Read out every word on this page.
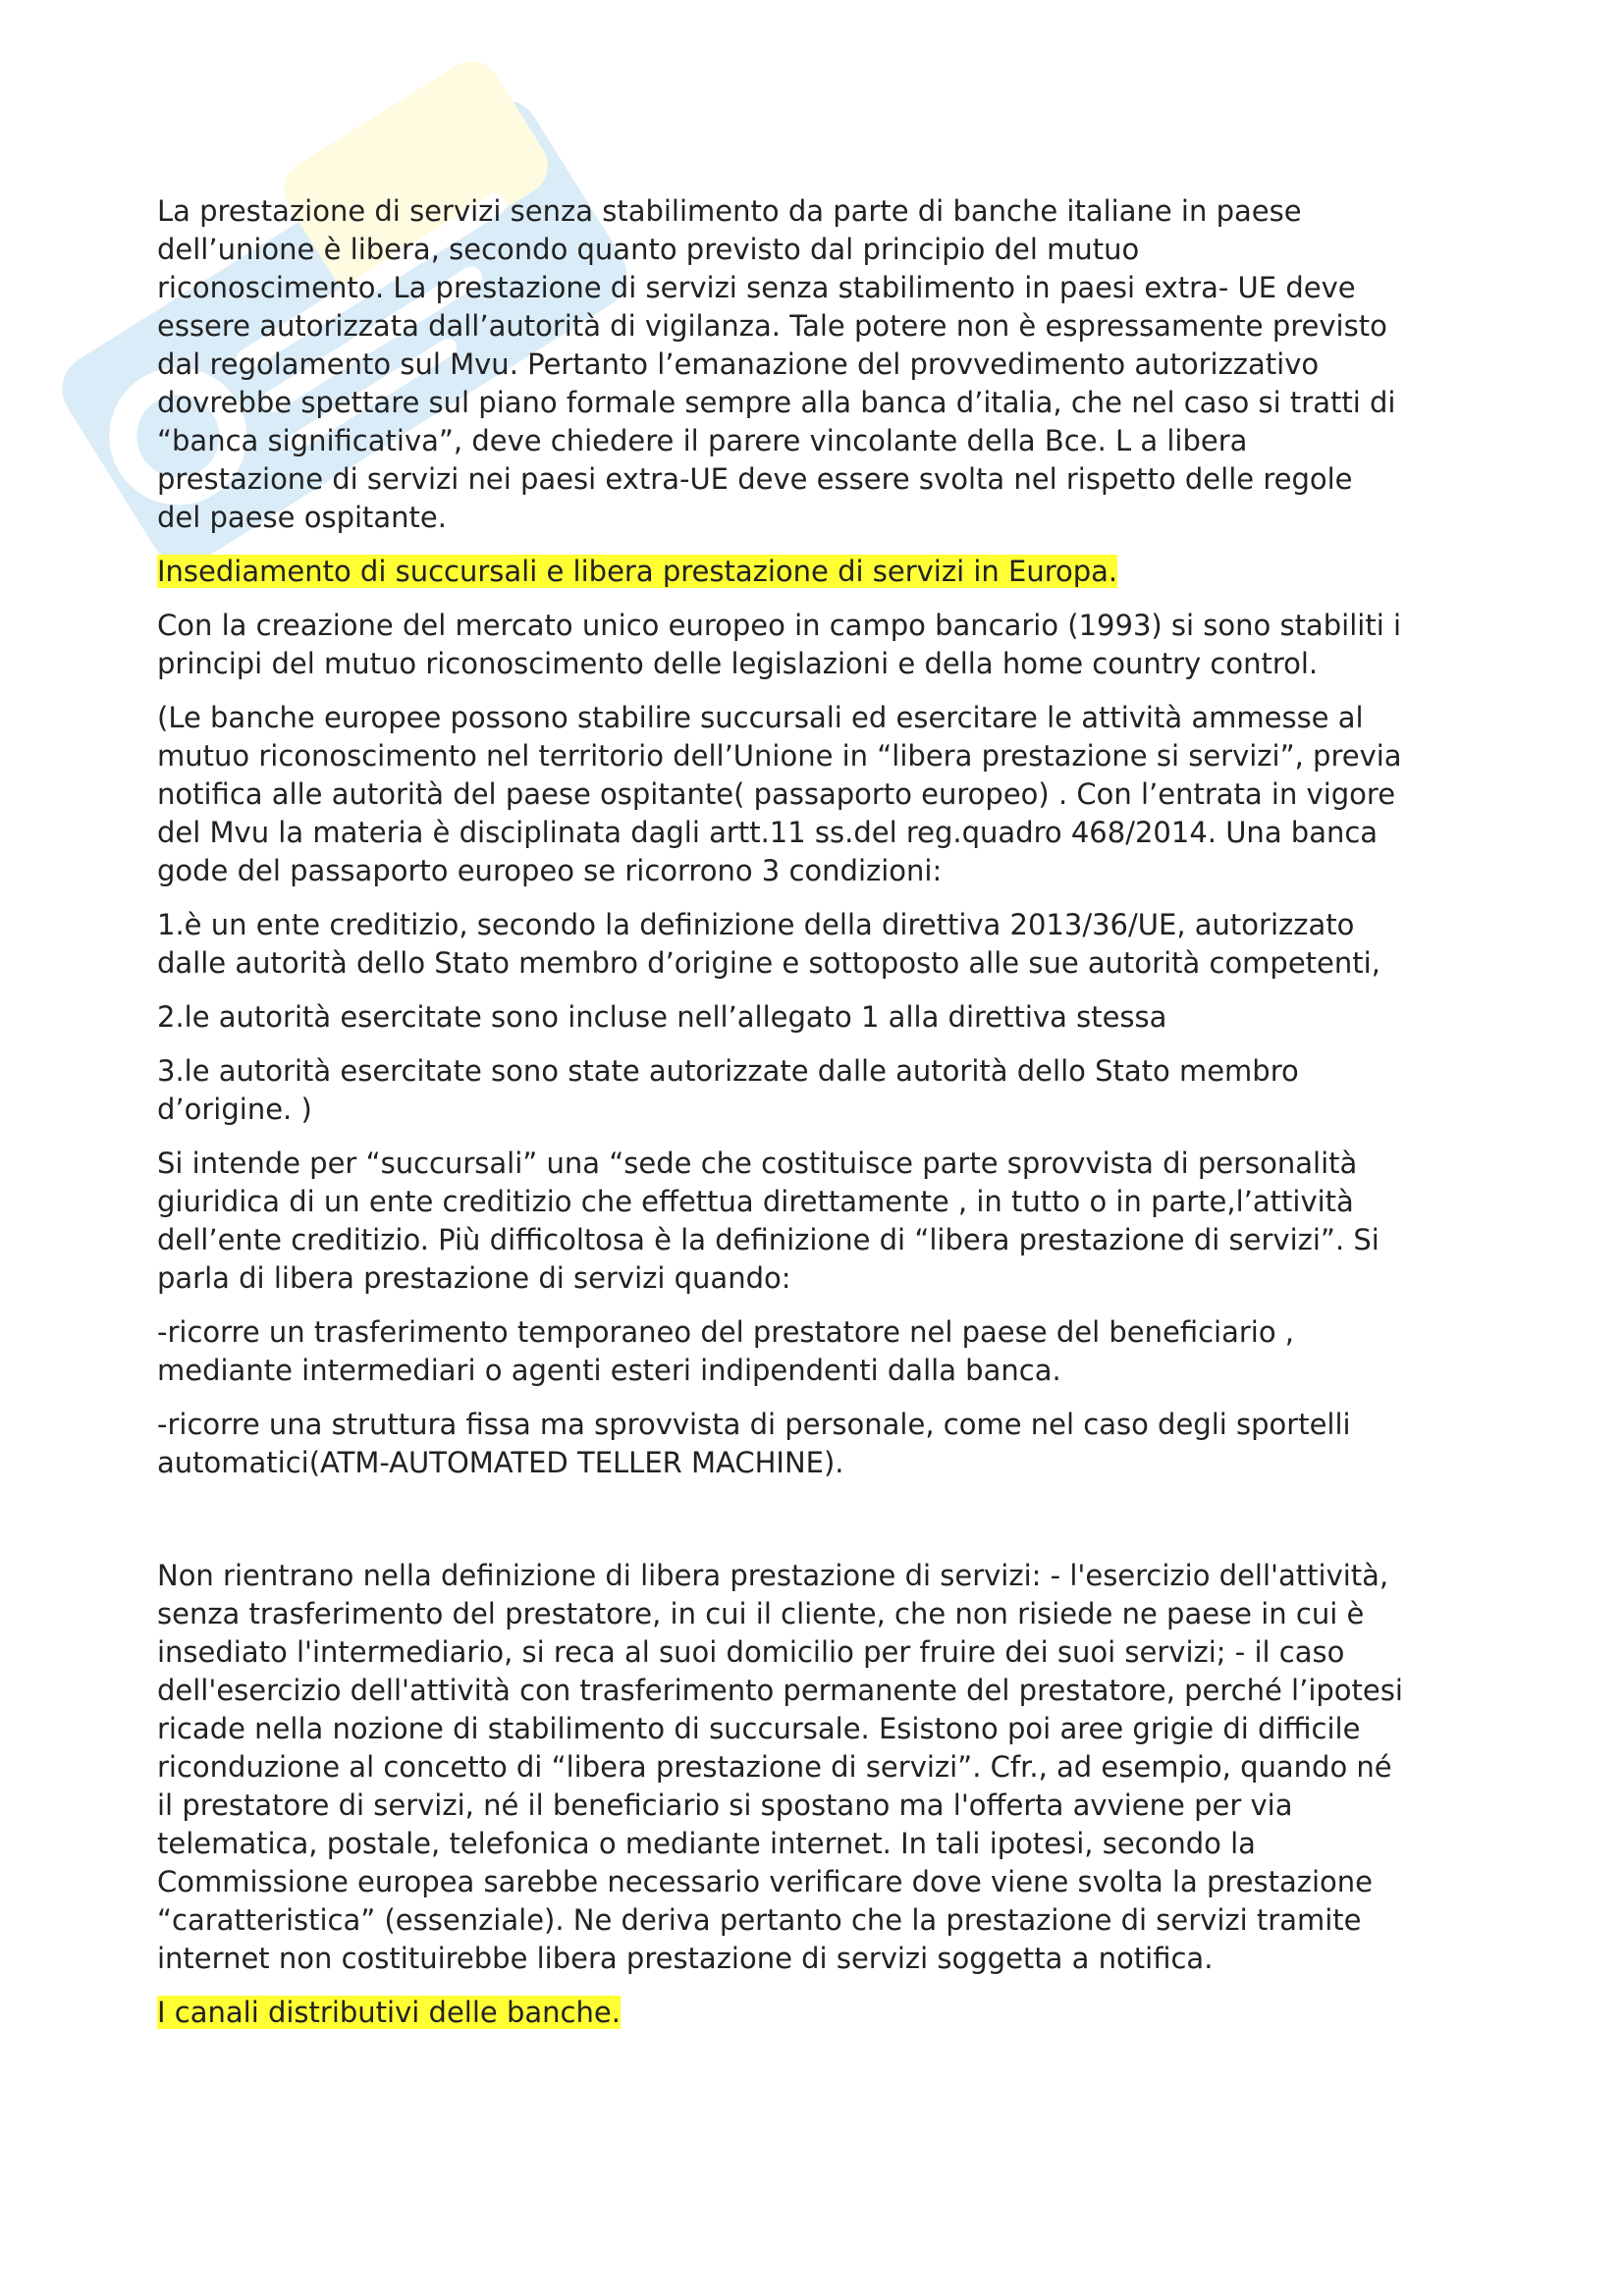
La prestazione di servizi senza stabilimento da parte di banche italiane in paese
dell’unione è libera, secondo quanto previsto dal principio del mutuo
riconoscimento. La prestazione di servizi senza stabilimento in paesi extra- UE deve
essere autorizzata dall’autorità di vigilanza. Tale potere non è espressamente previsto
dal regolamento sul Mvu. Pertanto l’emanazione del provvedimento autorizzativo
dovrebbe spettare sul piano formale sempre alla banca d’italia, che nel caso si tratti di
“banca significativa”, deve chiedere il parere vincolante della Bce. L a libera
prestazione di servizi nei paesi extra-UE deve essere svolta nel rispetto delle regole
del paese ospitante.

Insediamento di succursali e libera prestazione di servizi in Europa.

Con la creazione del mercato unico europeo in campo bancario (1993) si sono stabiliti i
principi del mutuo riconoscimento delle legislazioni e della home country control.

(Le banche europee possono stabilire succursali ed esercitare le attività ammesse al
mutuo riconoscimento nel territorio dell’Unione in “libera prestazione si servizi”, previa
notifica alle autorità del paese ospitante( passaporto europeo) . Con l’entrata in vigore
del Mvu la materia è disciplinata dagli artt.11 ss.del reg.quadro 468/2014. Una banca
gode del passaporto europeo se ricorrono 3 condizioni:

1.è un ente creditizio, secondo la definizione della direttiva 2013/36/UE, autorizzato
dalle autorità dello Stato membro d’origine e sottoposto alle sue autorità competenti,

2.le autorità esercitate sono incluse nell’allegato 1 alla direttiva stessa

3.le autorità esercitate sono state autorizzate dalle autorità dello Stato membro
d’origine. )

Si intende per “succursali” una “sede che costituisce parte sprovvista di personalità
giuridica di un ente creditizio che effettua direttamente , in tutto o in parte,l’attività
dell’ente creditizio. Più difficoltosa è la definizione di “libera prestazione di servizi”. Si
parla di libera prestazione di servizi quando:

-ricorre un trasferimento temporaneo del prestatore nel paese del beneficiario ,
mediante intermediari o agenti esteri indipendenti dalla banca.

-ricorre una struttura fissa ma sprovvista di personale, come nel caso degli sportelli
automatici(ATM-AUTOMATED TELLER MACHINE).

Non rientrano nella definizione di libera prestazione di servizi: - l'esercizio dell'attività,
senza trasferimento del prestatore, in cui il cliente, che non risiede ne paese in cui è
insediato l'intermediario, si reca al suoi domicilio per fruire dei suoi servizi; - il caso
dell'esercizio dell'attività con trasferimento permanente del prestatore, perché l’ipotesi
ricade nella nozione di stabilimento di succursale. Esistono poi aree grigie di difficile
riconduzione al concetto di “libera prestazione di servizi”. Cfr., ad esempio, quando né
il prestatore di servizi, né il beneficiario si spostano ma l'offerta avviene per via
telematica, postale, telefonica o mediante internet. In tali ipotesi, secondo la
Commissione europea sarebbe necessario verificare dove viene svolta la prestazione
“caratteristica” (essenziale). Ne deriva pertanto che la prestazione di servizi tramite
internet non costituirebbe libera prestazione di servizi soggetta a notifica.

I canali distributivi delle banche.
